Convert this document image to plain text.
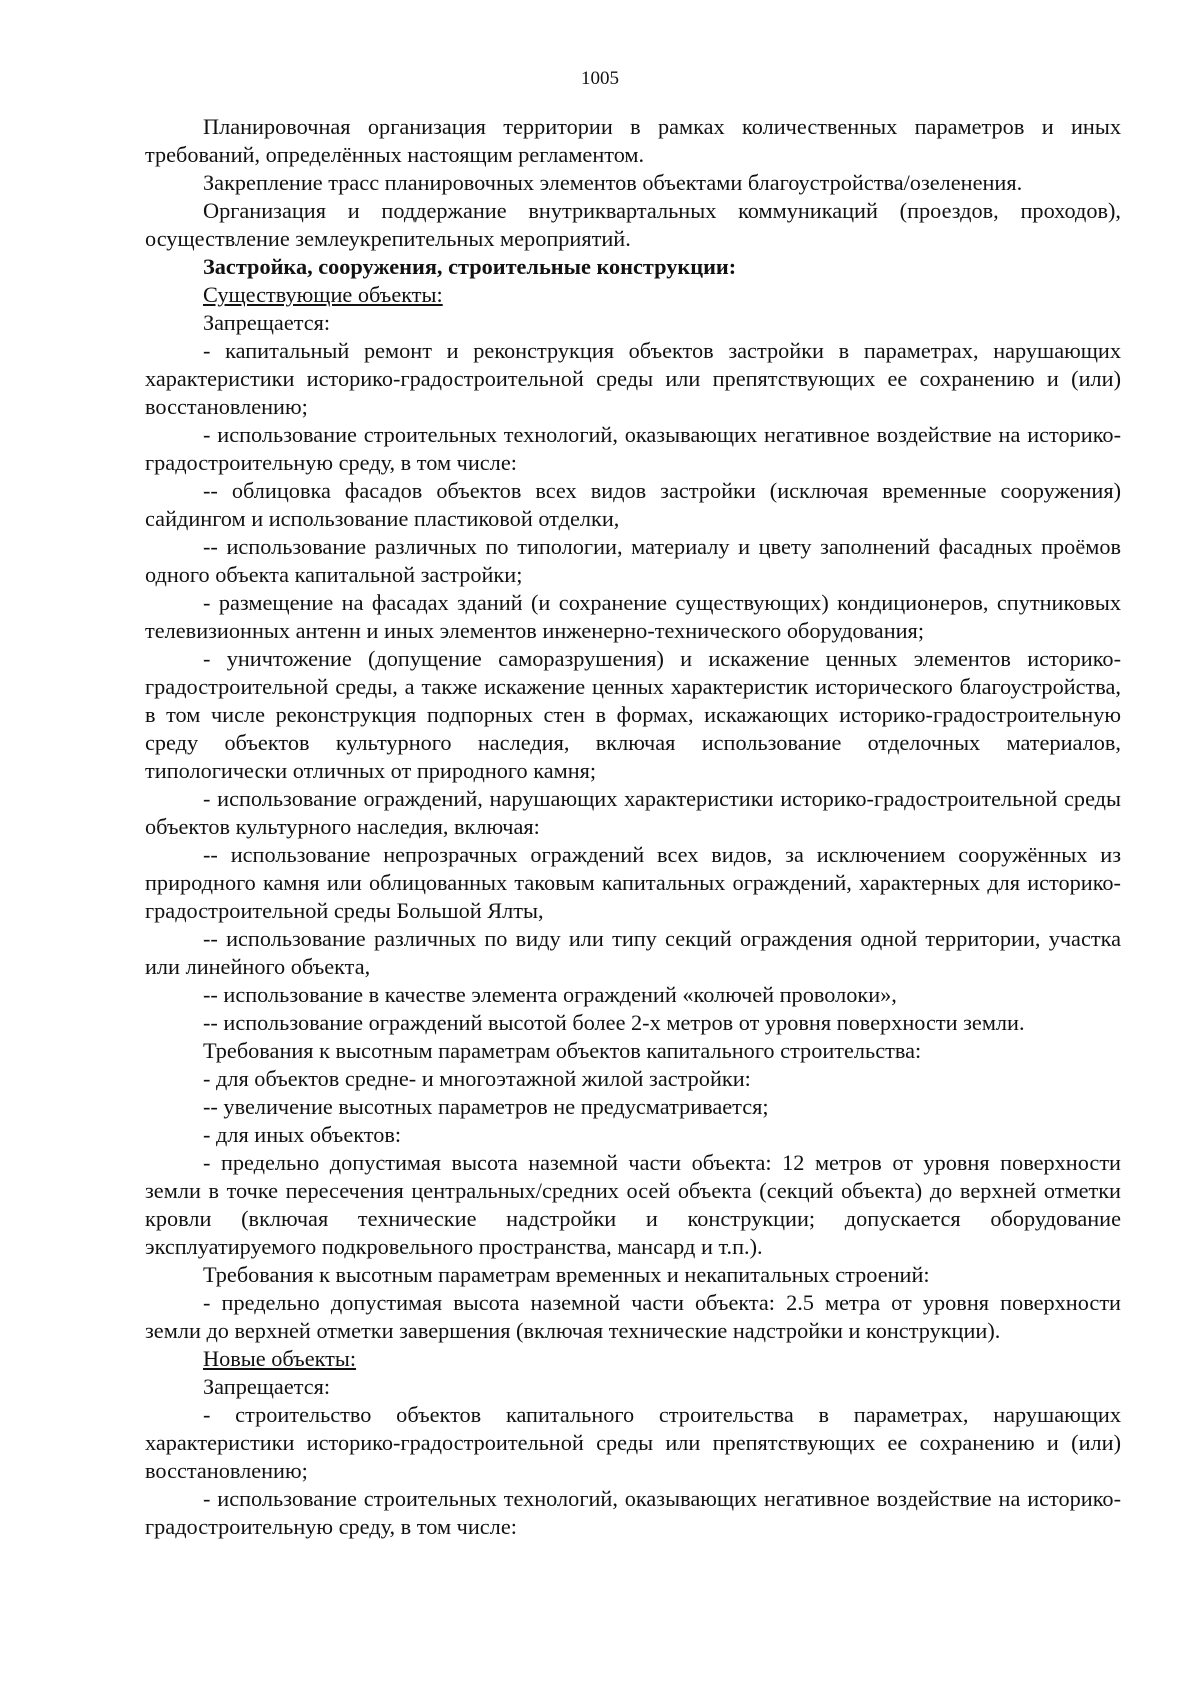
1005

Планировочная организация территории в рамках количественных параметров и иных требований, определённых настоящим регламентом.

Закрепление трасс планировочных элементов объектами благоустройства/озеленения.

Организация и поддержание внутриквартальных коммуникаций (проездов, проходов), осуществление землеукрепительных мероприятий.

Застройка, сооружения, строительные конструкции:

Существующие объекты:

Запрещается:

- капитальный ремонт и реконструкция объектов застройки в параметрах, нарушающих характеристики историко-градостроительной среды или препятствующих ее сохранению и (или) восстановлению;

- использование строительных технологий, оказывающих негативное воздействие на историко-градостроительную среду, в том числе:

-- облицовка фасадов объектов всех видов застройки (исключая временные сооружения) сайдингом и использование пластиковой отделки,

-- использование различных по типологии, материалу и цвету заполнений фасадных проёмов одного объекта капитальной застройки;

- размещение на фасадах зданий (и сохранение существующих) кондиционеров, спутниковых телевизионных антенн и иных элементов инженерно-технического оборудования;

- уничтожение (допущение саморазрушения) и искажение ценных элементов историко-градостроительной среды, а также искажение ценных характеристик исторического благоустройства, в том числе реконструкция подпорных стен в формах, искажающих историко-градостроительную среду объектов культурного наследия, включая использование отделочных материалов, типологически отличных от природного камня;

- использование ограждений, нарушающих характеристики историко-градостроительной среды объектов культурного наследия, включая:

-- использование непрозрачных ограждений всех видов, за исключением сооружённых из природного камня или облицованных таковым капитальных ограждений, характерных для историко-градостроительной среды Большой Ялты,

-- использование различных по виду или типу секций ограждения одной территории, участка или линейного объекта,

-- использование в качестве элемента ограждений «колючей проволоки»,

-- использование ограждений высотой более 2-х метров от уровня поверхности земли.

Требования к высотным параметрам объектов капитального строительства:

- для объектов средне- и многоэтажной жилой застройки:

-- увеличение высотных параметров не предусматривается;

- для иных объектов:

- предельно допустимая высота наземной части объекта: 12 метров от уровня поверхности земли в точке пересечения центральных/средних осей объекта (секций объекта) до верхней отметки кровли (включая технические надстройки и конструкции; допускается оборудование эксплуатируемого подкровельного пространства, мансард и т.п.).

Требования к высотным параметрам временных и некапитальных строений:

- предельно допустимая высота наземной части объекта: 2.5 метра от уровня поверхности земли до верхней отметки завершения (включая технические надстройки и конструкции).

Новые объекты:

Запрещается:

- строительство объектов капитального строительства в параметрах, нарушающих характеристики историко-градостроительной среды или препятствующих ее сохранению и (или) восстановлению;

- использование строительных технологий, оказывающих негативное воздействие на историко-градостроительную среду, в том числе:
